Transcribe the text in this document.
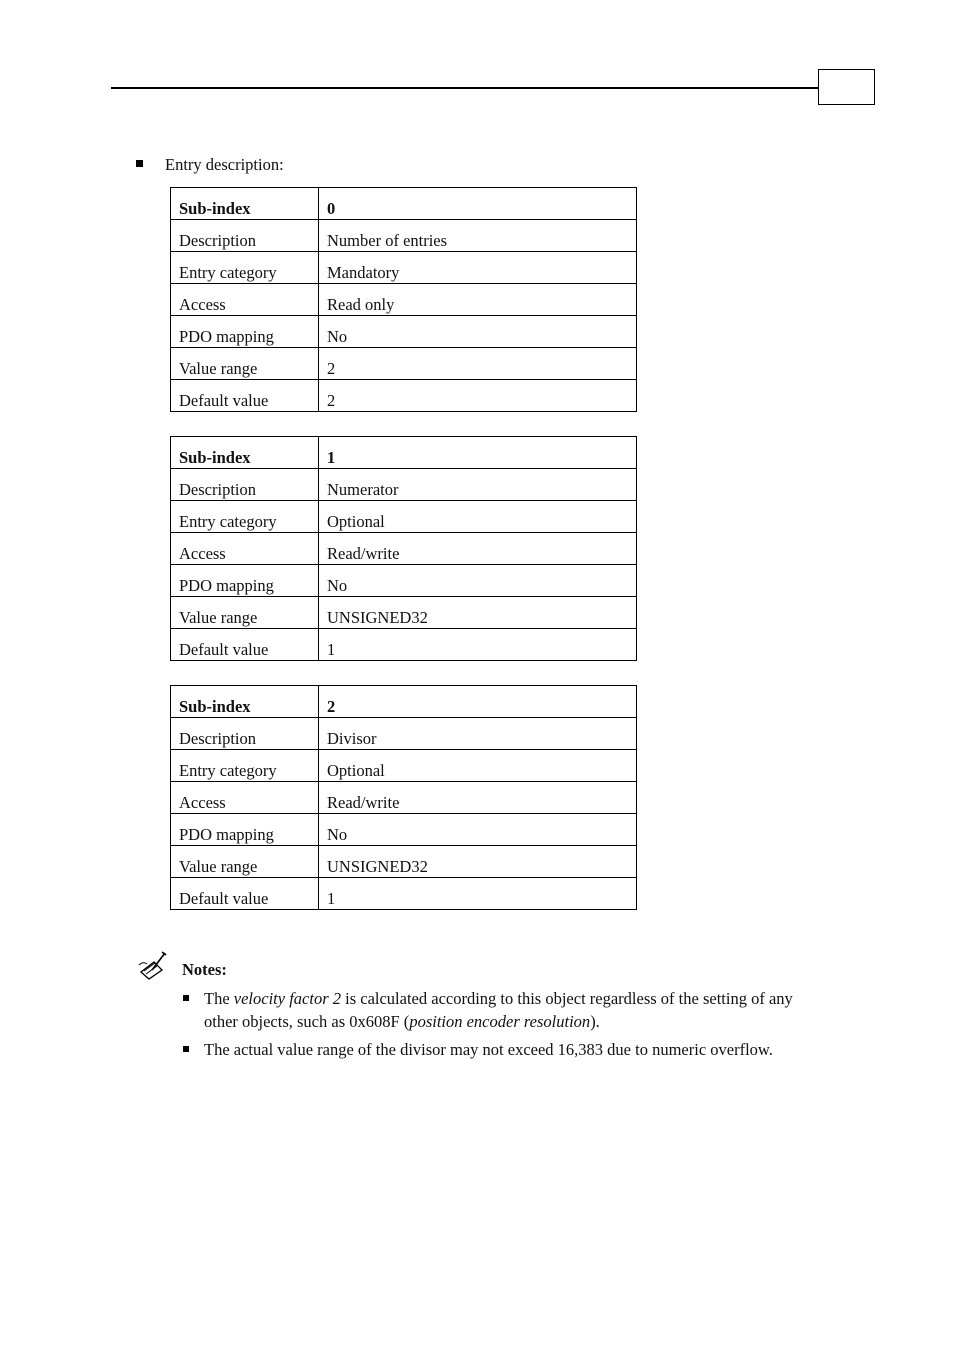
Entry description:
Sub-index	0
Description	Number of entries
Entry category	Mandatory
Access	Read only
PDO mapping	No
Value range	2
Default value	2
Sub-index	1
Description	Numerator
Entry category	Optional
Access	Read/write
PDO mapping	No
Value range	UNSIGNED32
Default value	1
Sub-index	2
Description	Divisor
Entry category	Optional
Access	Read/write
PDO mapping	No
Value range	UNSIGNED32
Default value	1
Notes:
The velocity factor 2 is calculated according to this object regardless of the setting of any other objects, such as 0x608F (position encoder resolution).
The actual value range of the divisor may not exceed 16,383 due to numeric overflow.
